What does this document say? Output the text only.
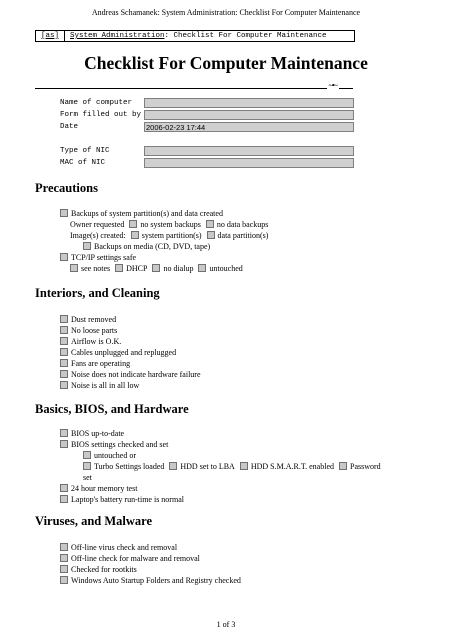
Andreas Schamanek: System Administration: Checklist For Computer Maintenance
[as]	System Administration: Checklist For Computer Maintenance
Checklist For Computer Maintenance
~•~
Name of computer
Form filled out by
Date	2006-02-23 17:44
Type of NIC
MAC of NIC
Precautions
Backups of system partition(s) and data created
Owner requested no system backups no data backups
Image(s) created: system partition(s) data partition(s)
Backups on media (CD, DVD, tape)
TCP/IP settings safe
see notes DHCP no dialup untouched
Interiors, and Cleaning
Dust removed
No loose parts
Airflow is O.K.
Cables unplugged and replugged
Fans are operating
Noise does not indicate hardware failure
Noise is all in all low
Basics, BIOS, and Hardware
BIOS up-to-date
BIOS settings checked and set
untouched or
Turbo Settings loaded HDD set to LBA HDD S.M.A.R.T. enabled Password
set
24 hour memory test
Laptop's battery run-time is normal
Viruses, and Malware
Off-line virus check and removal
Off-line check for malware and removal
Checked for rootkits
Windows Auto Startup Folders and Registry checked
1 of 3
